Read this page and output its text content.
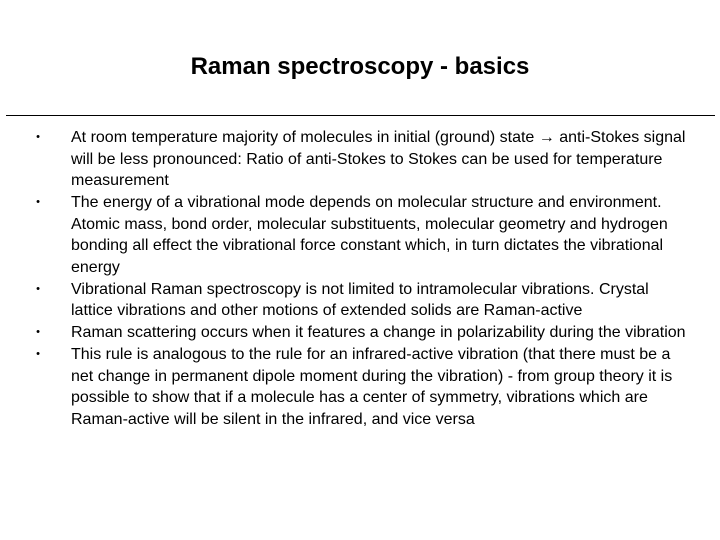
Raman spectroscopy - basics
• At room temperature majority of molecules in initial (ground) state → anti-Stokes signal will be less pronounced: Ratio of anti-Stokes to Stokes can be used for temperature measurement
• The energy of a vibrational mode depends on molecular structure and environment. Atomic mass, bond order, molecular substituents, molecular geometry and hydrogen bonding all effect the vibrational force constant which, in turn dictates the vibrational energy
• Vibrational Raman spectroscopy is not limited to intramolecular vibrations. Crystal lattice vibrations and other motions of extended solids are Raman-active
• Raman scattering occurs when it features a change in polarizability during the vibration
• This rule is analogous to the rule for an infrared-active vibration (that there must be a net change in permanent dipole moment during the vibration) - from group theory it is possible to show that if a molecule has a center of symmetry, vibrations which are Raman-active will be silent in the infrared, and vice versa
